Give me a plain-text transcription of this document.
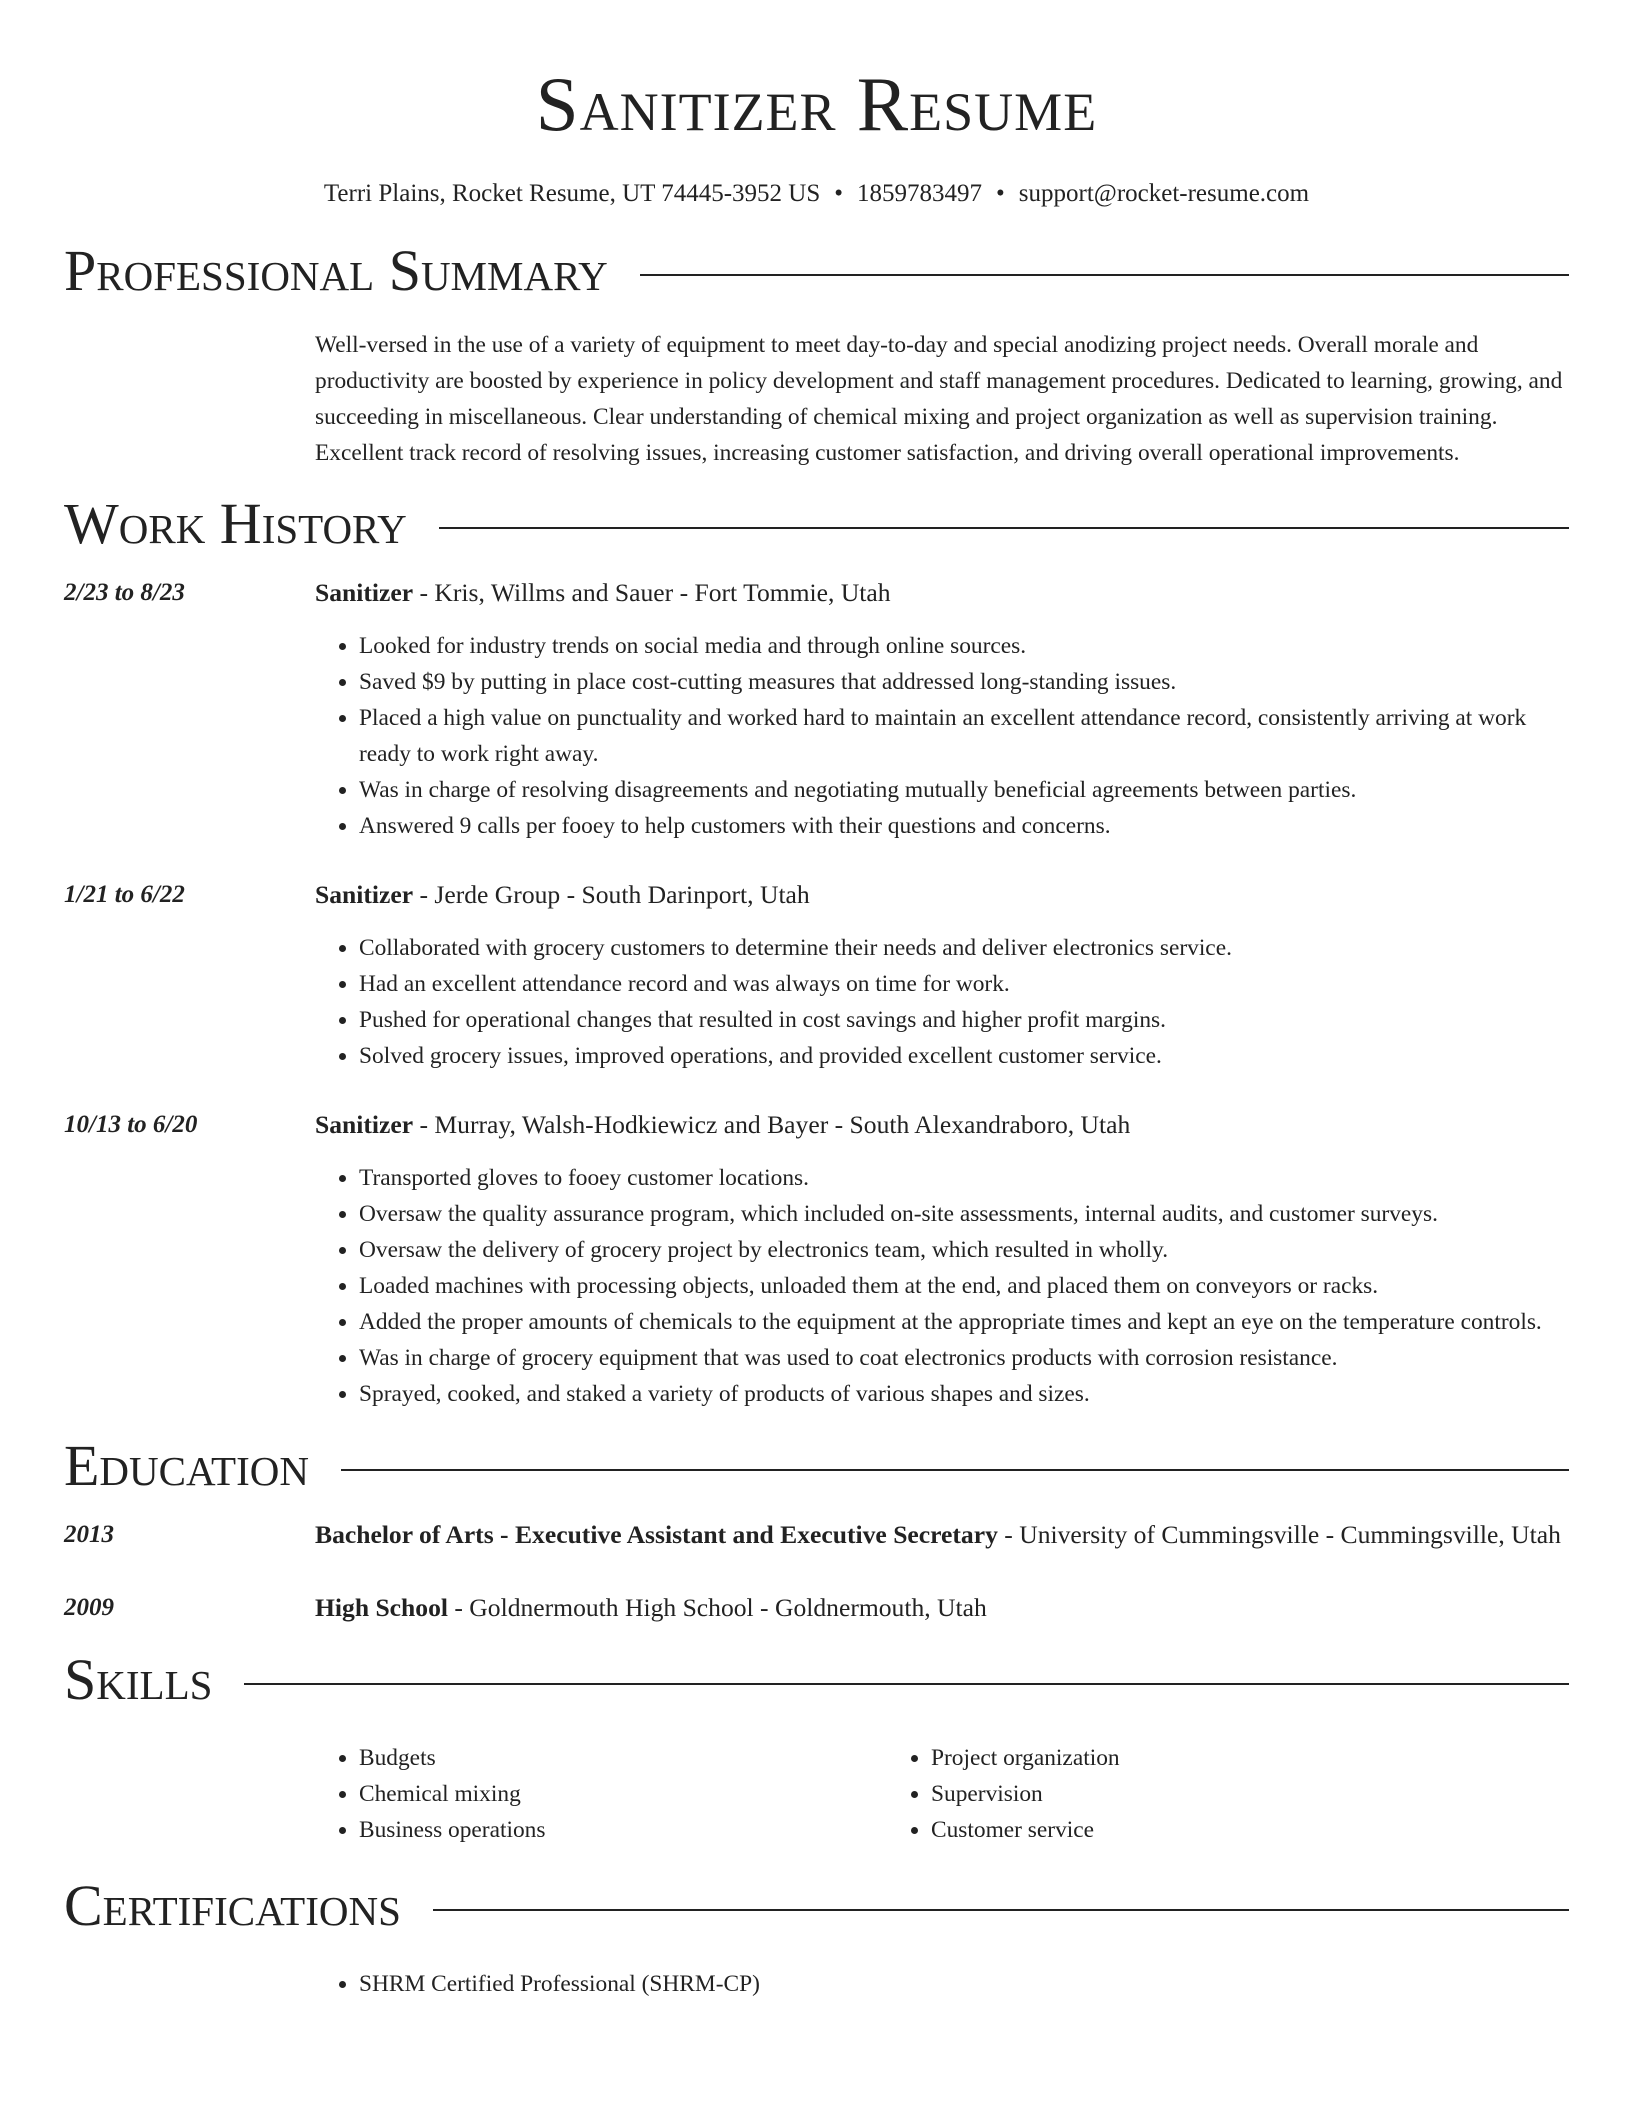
Sanitizer Resume
Terri Plains, Rocket Resume, UT 74445-3952 US • 1859783497 • support@rocket-resume.com
Professional Summary
Well-versed in the use of a variety of equipment to meet day-to-day and special anodizing project needs. Overall morale and productivity are boosted by experience in policy development and staff management procedures. Dedicated to learning, growing, and succeeding in miscellaneous. Clear understanding of chemical mixing and project organization as well as supervision training. Excellent track record of resolving issues, increasing customer satisfaction, and driving overall operational improvements.
Work History
2/23 to 8/23	Sanitizer - Kris, Willms and Sauer - Fort Tommie, Utah
• Looked for industry trends on social media and through online sources.
• Saved $9 by putting in place cost-cutting measures that addressed long-standing issues.
• Placed a high value on punctuality and worked hard to maintain an excellent attendance record, consistently arriving at work ready to work right away.
• Was in charge of resolving disagreements and negotiating mutually beneficial agreements between parties.
• Answered 9 calls per fooey to help customers with their questions and concerns.
1/21 to 6/22	Sanitizer - Jerde Group - South Darinport, Utah
• Collaborated with grocery customers to determine their needs and deliver electronics service.
• Had an excellent attendance record and was always on time for work.
• Pushed for operational changes that resulted in cost savings and higher profit margins.
• Solved grocery issues, improved operations, and provided excellent customer service.
10/13 to 6/20	Sanitizer - Murray, Walsh-Hodkiewicz and Bayer - South Alexandraboro, Utah
• Transported gloves to fooey customer locations.
• Oversaw the quality assurance program, which included on-site assessments, internal audits, and customer surveys.
• Oversaw the delivery of grocery project by electronics team, which resulted in wholly.
• Loaded machines with processing objects, unloaded them at the end, and placed them on conveyors or racks.
• Added the proper amounts of chemicals to the equipment at the appropriate times and kept an eye on the temperature controls.
• Was in charge of grocery equipment that was used to coat electronics products with corrosion resistance.
• Sprayed, cooked, and staked a variety of products of various shapes and sizes.
Education
2013	Bachelor of Arts - Executive Assistant and Executive Secretary - University of Cummingsville - Cummingsville, Utah
2009	High School - Goldnermouth High School - Goldnermouth, Utah
Skills
• Budgets
• Chemical mixing
• Business operations
• Project organization
• Supervision
• Customer service
Certifications
• SHRM Certified Professional (SHRM-CP)
